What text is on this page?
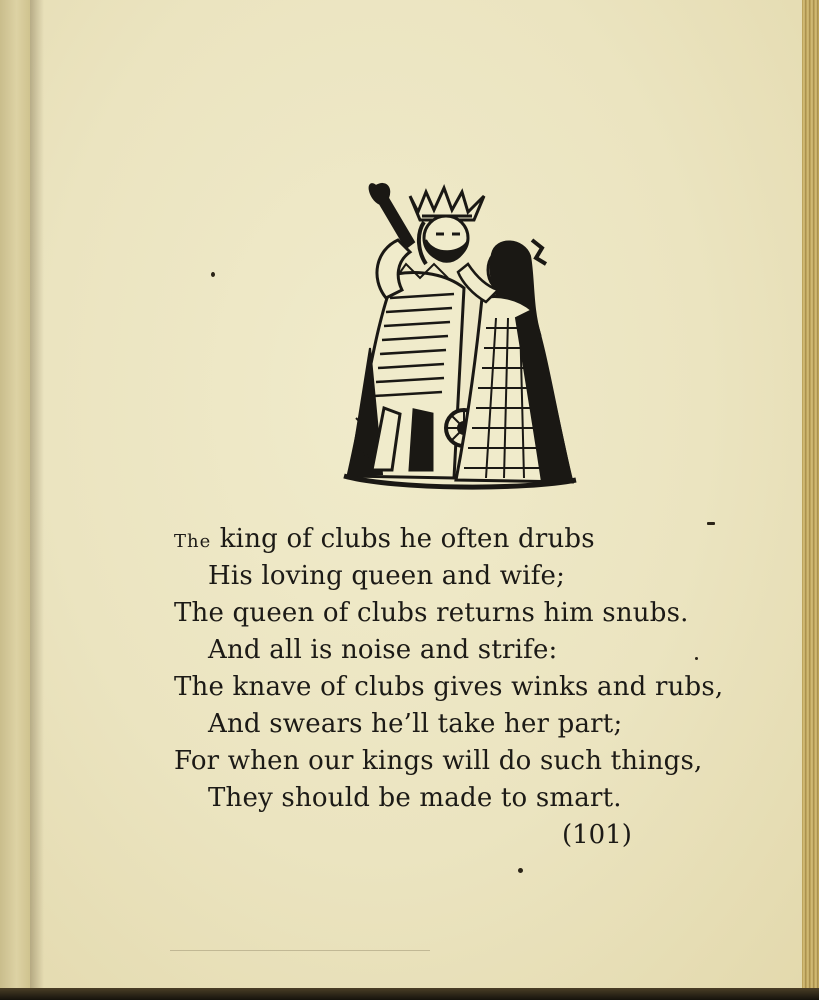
The king of clubs he often drubs
His loving queen and wife;
The queen of clubs returns him snubs.
And all is noise and strife:
The knave of clubs gives winks and rubs,
And swears he’ll take her part;
For when our kings will do such things,
They should be made to smart.
(101)
